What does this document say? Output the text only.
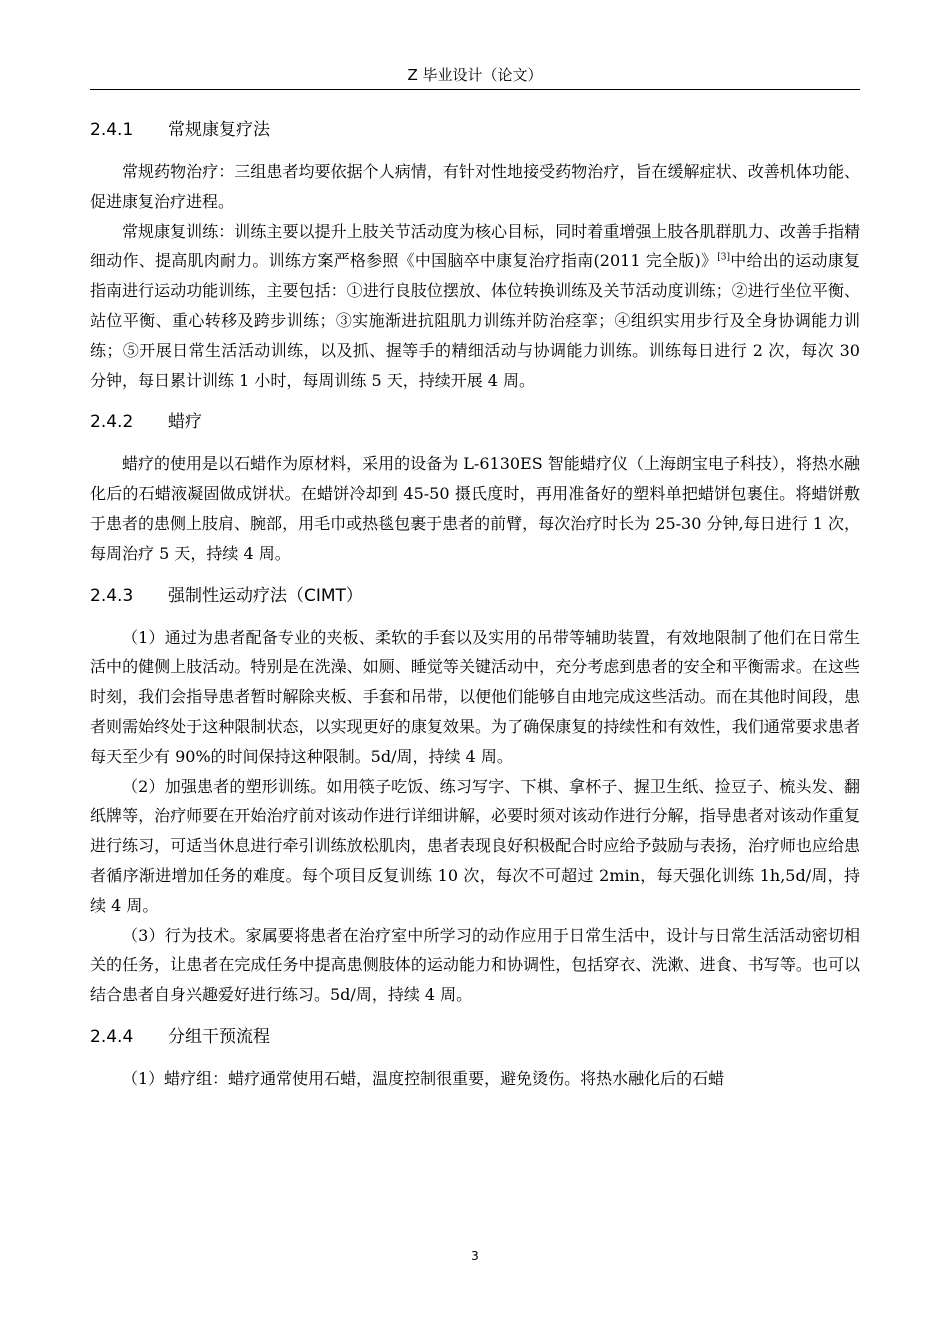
Z 毕业设计（论文）
2.4.1 常规康复疗法

常规药物治疗：三组患者均要依据个人病情，有针对性地接受药物治疗，旨在缓解症状、改善机体功能、促进康复治疗进程。

常规康复训练：训练主要以提升上肢关节活动度为核心目标，同时着重增强上肢各肌群肌力、改善手指精细动作、提高肌肉耐力。训练方案严格参照《中国脑卒中康复治疗指南(2011 完全版)》[3]中给出的运动康复指南进行运动功能训练，主要包括：①进行良肢位摆放、体位转换训练及关节活动度训练；②进行坐位平衡、站位平衡、重心转移及跨步训练；③实施渐进抗阻肌力训练并防治痉挛；④组织实用步行及全身协调能力训练；⑤开展日常生活活动训练，以及抓、握等手的精细活动与协调能力训练。训练每日进行 2 次，每次 30 分钟，每日累计训练 1 小时，每周训练 5 天，持续开展 4 周。

2.4.2 蜡疗

蜡疗的使用是以石蜡作为原材料，采用的设备为 L-6130ES 智能蜡疗仪（上海朗宝电子科技），将热水融化后的石蜡液凝固做成饼状。在蜡饼冷却到 45-50 摄氏度时，再用准备好的塑料单把蜡饼包裹住。将蜡饼敷于患者的患侧上肢肩、腕部，用毛巾或热毯包裹于患者的前臂，每次治疗时长为 25-30 分钟,每日进行 1 次，每周治疗 5 天，持续 4 周。

2.4.3 强制性运动疗法（CIMT）

（1）通过为患者配备专业的夹板、柔软的手套以及实用的吊带等辅助装置，有效地限制了他们在日常生活中的健侧上肢活动。特别是在洗澡、如厕、睡觉等关键活动中，充分考虑到患者的安全和平衡需求。在这些时刻，我们会指导患者暂时解除夹板、手套和吊带，以便他们能够自由地完成这些活动。而在其他时间段，患者则需始终处于这种限制状态，以实现更好的康复效果。为了确保康复的持续性和有效性，我们通常要求患者每天至少有 90%的时间保持这种限制。5d/周，持续 4 周。

（2）加强患者的塑形训练。如用筷子吃饭、练习写字、下棋、拿杯子、握卫生纸、捡豆子、梳头发、翻纸牌等，治疗师要在开始治疗前对该动作进行详细讲解，必要时须对该动作进行分解，指导患者对该动作重复进行练习，可适当休息进行牵引训练放松肌肉，患者表现良好积极配合时应给予鼓励与表扬，治疗师也应给患者循序渐进增加任务的难度。每个项目反复训练 10 次，每次不可超过 2min，每天强化训练 1h,5d/周，持续 4 周。

（3）行为技术。家属要将患者在治疗室中所学习的动作应用于日常生活中，设计与日常生活活动密切相关的任务，让患者在完成任务中提高患侧肢体的运动能力和协调性，包括穿衣、洗漱、进食、书写等。也可以结合患者自身兴趣爱好进行练习。5d/周，持续 4 周。

2.4.4 分组干预流程

（1）蜡疗组：蜡疗通常使用石蜡，温度控制很重要，避免烫伤。将热水融化后的石蜡

3
